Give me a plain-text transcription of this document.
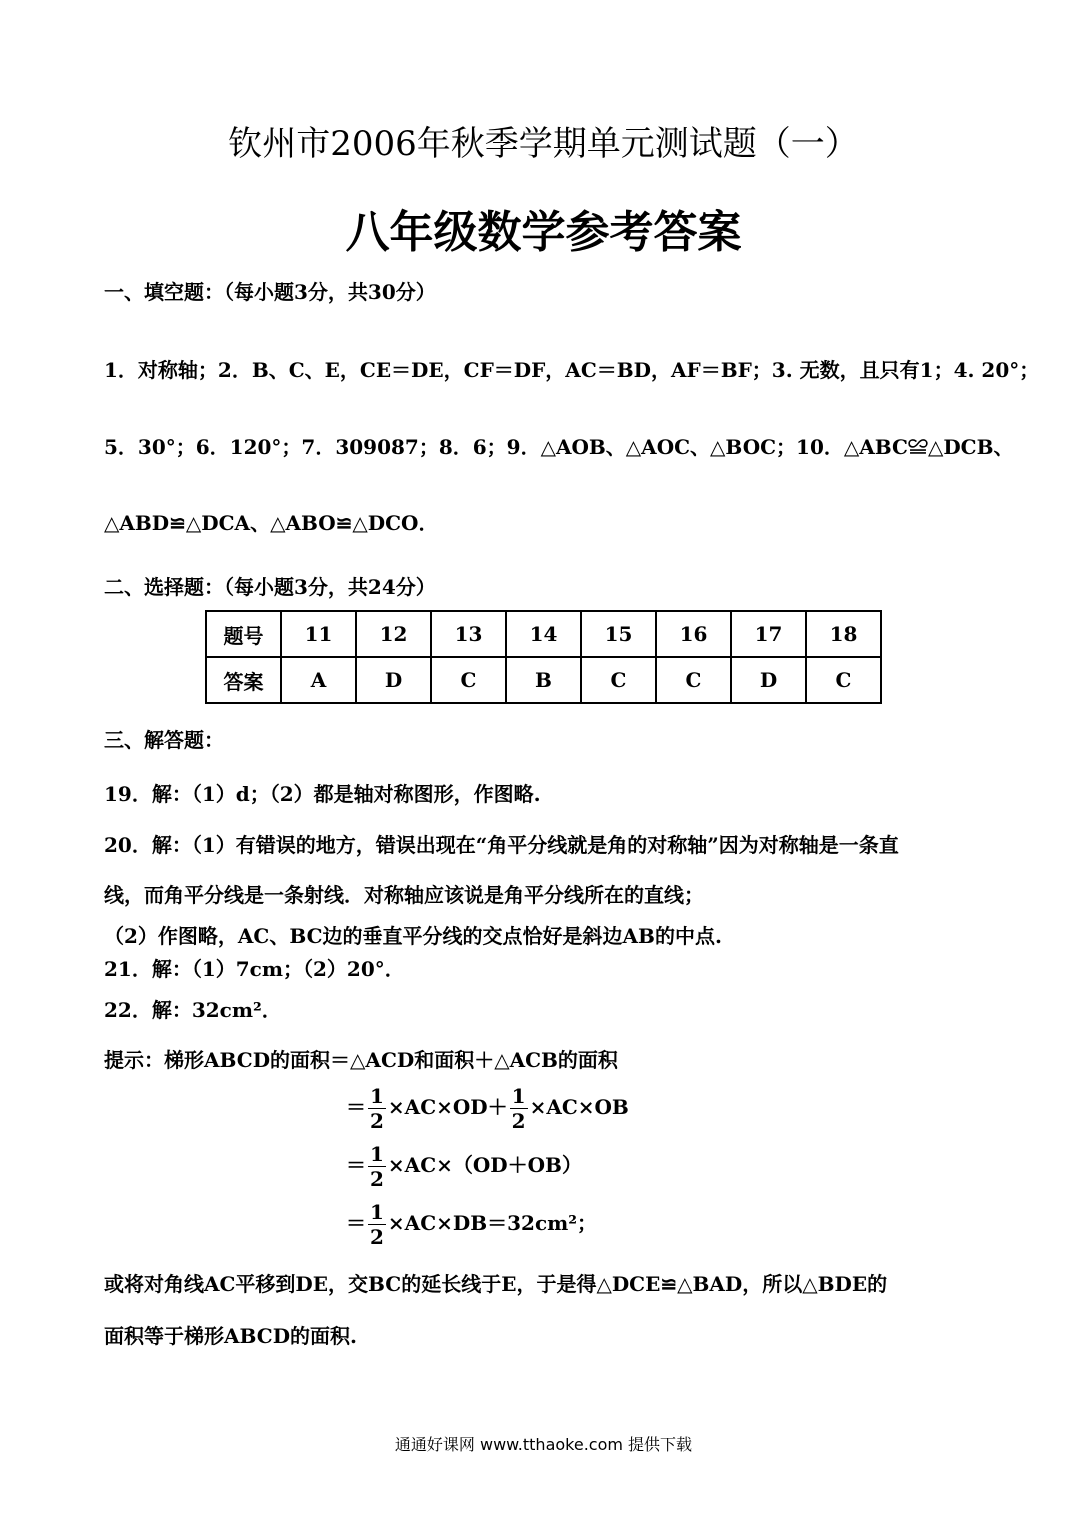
钦州市2006年秋季学期单元测试题（一）
八年级数学参考答案
一、填空题：（每小题3分，共30分）
1．对称轴；2．B、C、E，CE＝DE，CF＝DF，AC＝BD，AF＝BF；3. 无数，且只有1；4. 20°；
5．30°；6．120°；7．309087；8．6；9．△AOB、△AOC、△BOC；10．△ABC≌△DCB、
△ABD≌△DCA、△ABO≌△DCO．
二、选择题：（每小题3分，共24分）
题号	11	12	13	14	15	16	17	18
答案	A	D	C	B	C	C	D	C
三、解答题：
19．解：（1）d；（2）都是轴对称图形，作图略.
20．解：（1）有错误的地方，错误出现在“角平分线就是角的对称轴”因为对称轴是一条直
线，而角平分线是一条射线．对称轴应该说是角平分线所在的直线；
（2）作图略，AC、BC边的垂直平分线的交点恰好是斜边AB的中点.
21．解：（1）7cm；（2）20°．
22．解：32cm²．
提示：梯形ABCD的面积＝△ACD和面积＋△ACB的面积
＝ $\frac{1}{2} \times AC\times OD+ \frac{1}{2} \times AC\times OB$
＝ $\frac{1}{2} \times AC\times(OD+OB)$
＝ $\frac{1}{2} \times AC\times DB=32cm^2$；
或将对角线AC平移到DE，交BC的延长线于E，于是得△DCE≌△BAD，所以△BDE的
面积等于梯形ABCD的面积.
通通好课网 www.tthaoke.com 提供下载
